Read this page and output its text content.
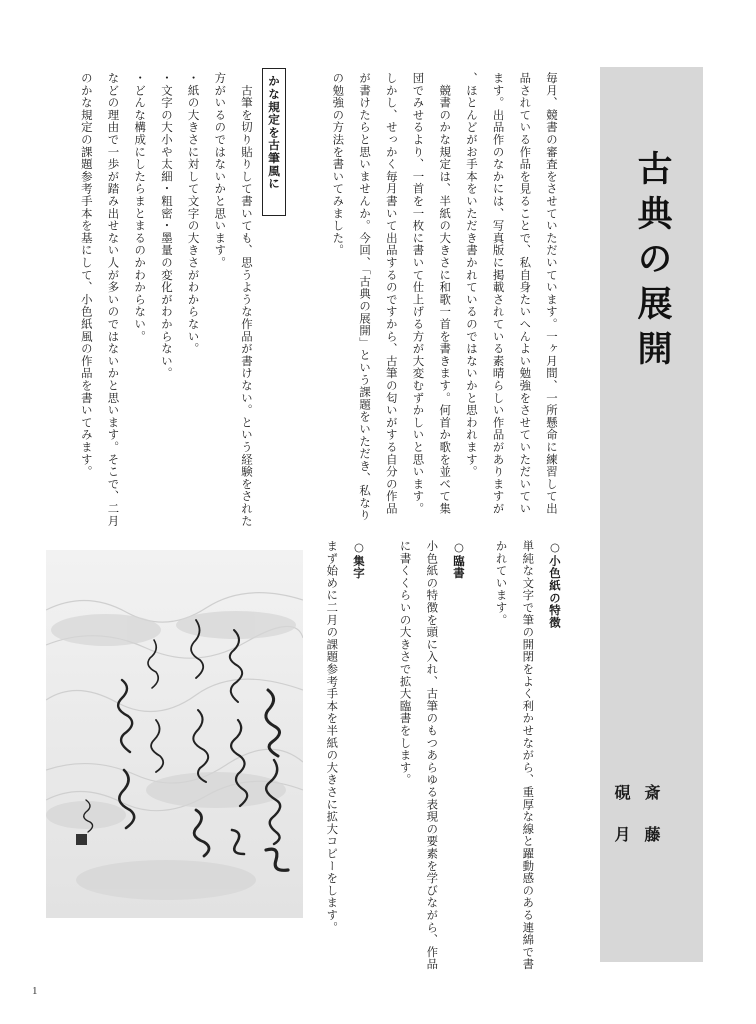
古典の展開
斎藤　硯月
毎月、競書の審査をさせていただいています。一ヶ月間、一所懸命に練習して出品されている作品を見ることで、私自身たいへんよい勉強をさせていただいています。出品作のなかには、写真版に掲載されている素晴らしい作品がありますが、ほとんどがお手本をいただき書かれているのではないかと思われます。
　競書のかな規定は、半紙の大きさに和歌一首を書きます。何首か歌を並べて集団でみせるより、一首を一枚に書いて仕上げる方が大変むずかしいと思います。しかし、せっかく毎月書いて出品するのですから、古筆の匂いがする自分の作品が書けたらと思いませんか。今回、「古典の展開」という課題をいただき、私なりの勉強の方法を書いてみました。
かな規定を古筆風に
　古筆を切り貼りして書いても、思うような作品が書けない。という経験をされた方がいるのではないかと思います。
・紙の大きさに対して文字の大きさがわからない。
・文字の大小や太細・粗密・墨量の変化がわからない。
・どんな構成にしたらまとまるのかわからない。
などの理由で一歩が踏み出せない人が多いのではないかと思います。そこで、二月のかな規定の課題参考手本を基にして、小色紙風の作品を書いてみます。
○小色紙の特徴
単純な文字で筆の開閉をよく利かせながら、重厚な線と躍動感のある連綿で書かれています。
○臨書
小色紙の特徴を頭に入れ、古筆のもつあらゆる表現の要素を学びながら、作品に書くくらいの大きさで拡大臨書をします。
○集字
まず始めに二月の課題参考手本を半紙の大きさに拡大コピーをします。
1
